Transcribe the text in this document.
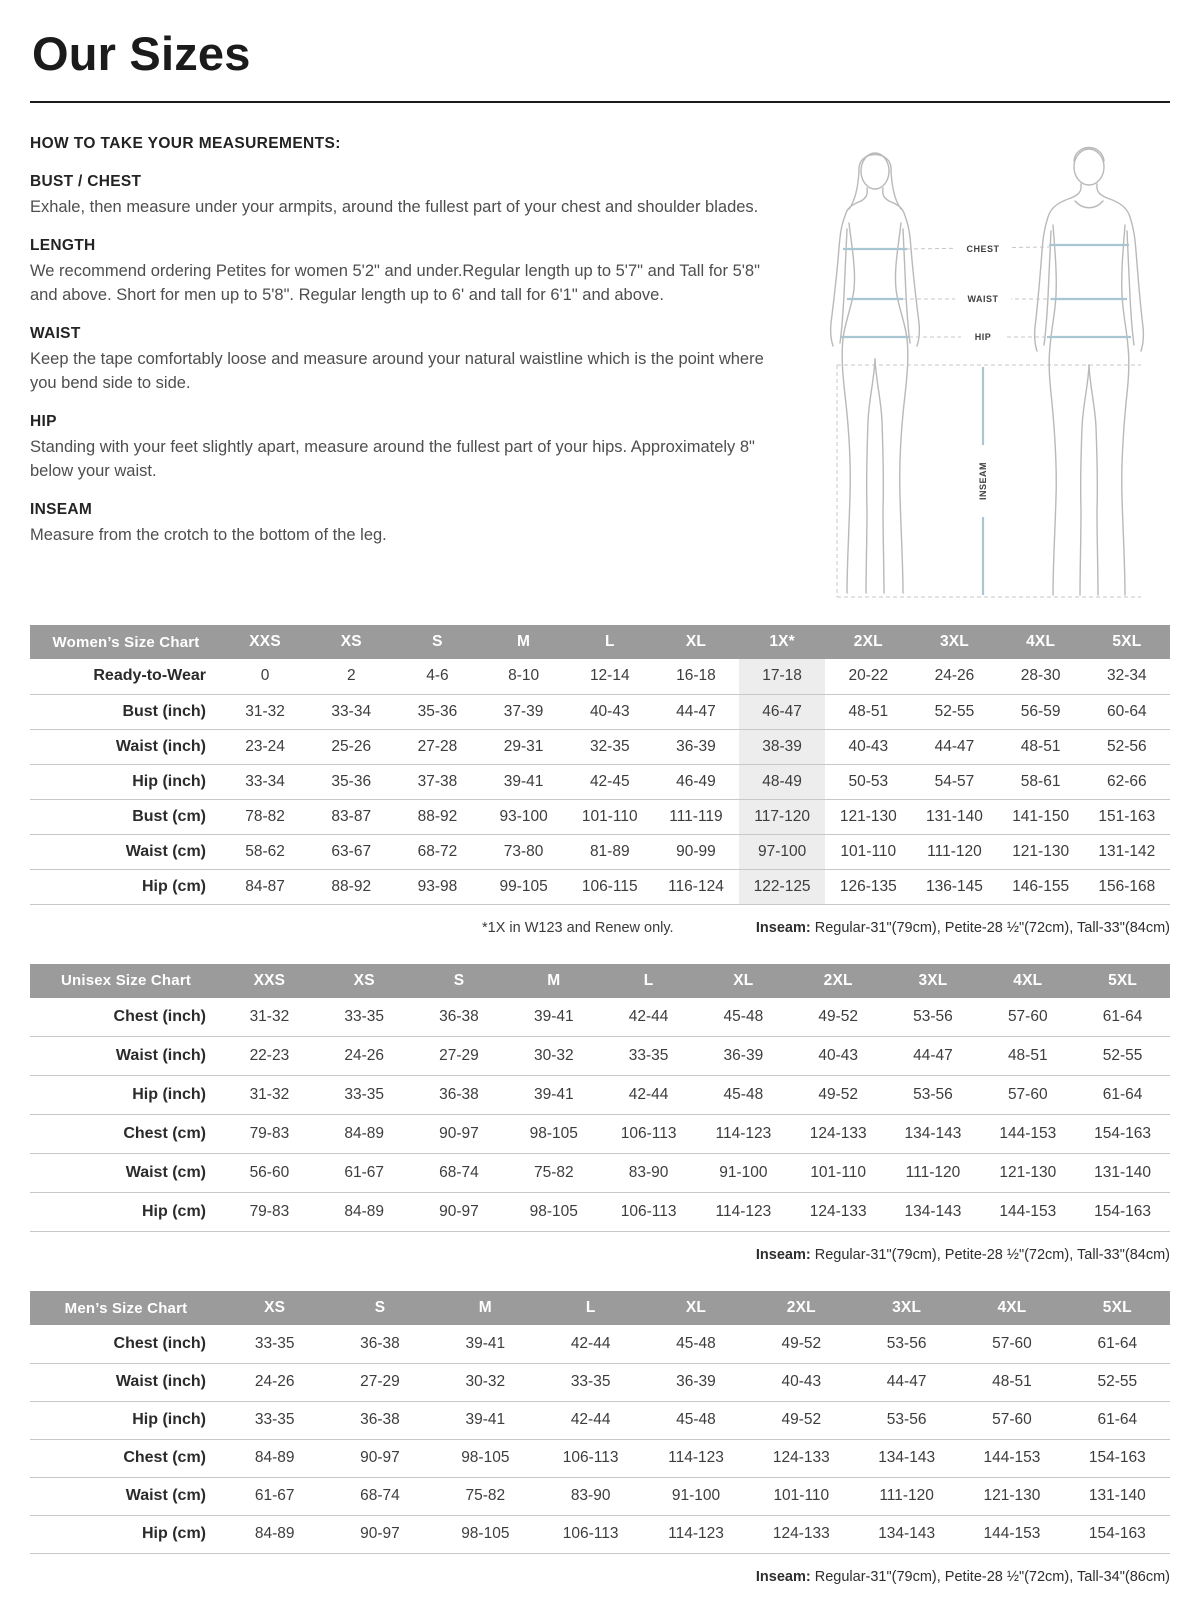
Our Sizes
HOW TO TAKE YOUR MEASUREMENTS:

BUST / CHEST

Exhale, then measure under your armpits, around the fullest part of your chest and shoulder blades.

LENGTH

We recommend ordering Petites for women 5'2" and under.Regular length up to 5'7" and Tall for 5'8" and above. Short for men up to 5'8". Regular length up to 6' and tall for 6'1" and above.

WAIST

Keep the tape comfortably loose and measure around your natural waistline which is the point where you bend side to side.

HIP

Standing with your feet slightly apart, measure around the fullest part of your hips. Approximately 8" below your waist.

INSEAM

Measure from the crotch to the bottom of the leg.

CHEST
WAIST
HIP
INSEAM
Women’s Size Chart	XXS	XS	S	M	L	XL	1X*	2XL	3XL	4XL	5XL
Ready-to-Wear	0	2	4-6	8-10	12-14	16-18	17-18	20-22	24-26	28-30	32-34
Bust (inch)	31-32	33-34	35-36	37-39	40-43	44-47	46-47	48-51	52-55	56-59	60-64
Waist (inch)	23-24	25-26	27-28	29-31	32-35	36-39	38-39	40-43	44-47	48-51	52-56
Hip (inch)	33-34	35-36	37-38	39-41	42-45	46-49	48-49	50-53	54-57	58-61	62-66
Bust (cm)	78-82	83-87	88-92	93-100	101-110	111-119	117-120	121-130	131-140	141-150	151-163
Waist (cm)	58-62	63-67	68-72	73-80	81-89	90-99	97-100	101-110	111-120	121-130	131-142
Hip (cm)	84-87	88-92	93-98	99-105	106-115	116-124	122-125	126-135	136-145	146-155	156-168
*1X in W123 and Renew only.	Inseam: Regular-31"(79cm), Petite-28 ½"(72cm), Tall-33"(84cm)
Unisex Size Chart	XXS	XS	S	M	L	XL	2XL	3XL	4XL	5XL
Chest (inch)	31-32	33-35	36-38	39-41	42-44	45-48	49-52	53-56	57-60	61-64
Waist (inch)	22-23	24-26	27-29	30-32	33-35	36-39	40-43	44-47	48-51	52-55
Hip (inch)	31-32	33-35	36-38	39-41	42-44	45-48	49-52	53-56	57-60	61-64
Chest (cm)	79-83	84-89	90-97	98-105	106-113	114-123	124-133	134-143	144-153	154-163
Waist (cm)	56-60	61-67	68-74	75-82	83-90	91-100	101-110	111-120	121-130	131-140
Hip (cm)	79-83	84-89	90-97	98-105	106-113	114-123	124-133	134-143	144-153	154-163
Inseam: Regular-31"(79cm), Petite-28 ½"(72cm), Tall-33"(84cm)
Men’s Size Chart	XS	S	M	L	XL	2XL	3XL	4XL	5XL
Chest (inch)	33-35	36-38	39-41	42-44	45-48	49-52	53-56	57-60	61-64
Waist (inch)	24-26	27-29	30-32	33-35	36-39	40-43	44-47	48-51	52-55
Hip (inch)	33-35	36-38	39-41	42-44	45-48	49-52	53-56	57-60	61-64
Chest (cm)	84-89	90-97	98-105	106-113	114-123	124-133	134-143	144-153	154-163
Waist (cm)	61-67	68-74	75-82	83-90	91-100	101-110	111-120	121-130	131-140
Hip (cm)	84-89	90-97	98-105	106-113	114-123	124-133	134-143	144-153	154-163
Inseam: Regular-31"(79cm), Petite-28 ½"(72cm), Tall-34"(86cm)
